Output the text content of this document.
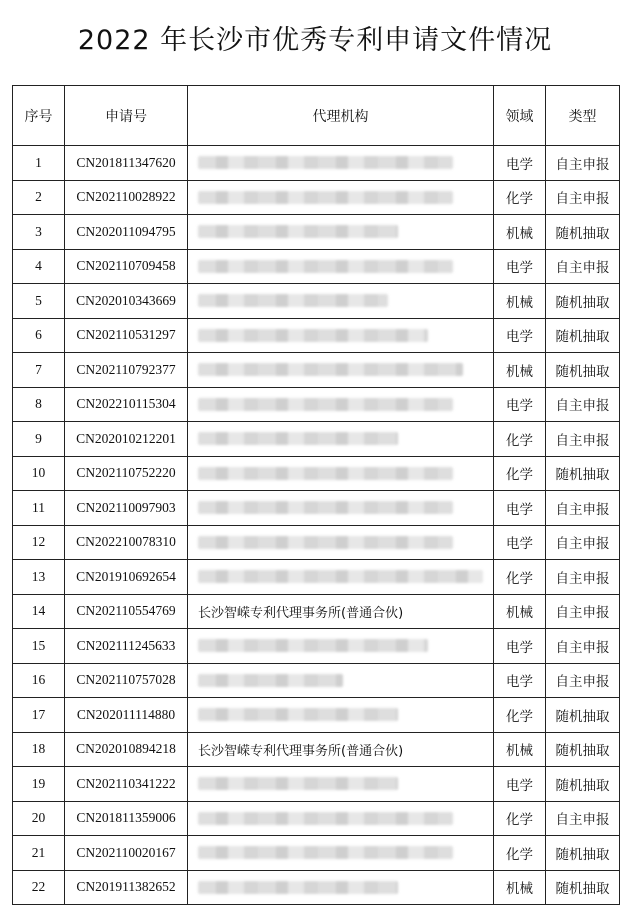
2022 年长沙市优秀专利申请文件情况
序号	申请号	代理机构	领域	类型
1	CN201811347620		电学	自主申报
2	CN202110028922		化学	自主申报
3	CN202011094795		机械	随机抽取
4	CN202110709458		电学	自主申报
5	CN202010343669		机械	随机抽取
6	CN202110531297		电学	随机抽取
7	CN202110792377		机械	随机抽取
8	CN202210115304		电学	自主申报
9	CN202010212201		化学	自主申报
10	CN202110752220		化学	随机抽取
11	CN202110097903		电学	自主申报
12	CN202210078310		电学	自主申报
13	CN201910692654		化学	自主申报
14	CN202110554769	长沙智嵘专利代理事务所(普通合伙)	机械	自主申报
15	CN202111245633		电学	自主申报
16	CN202110757028		电学	自主申报
17	CN202011114880		化学	随机抽取
18	CN202010894218	长沙智嵘专利代理事务所(普通合伙)	机械	随机抽取
19	CN202110341222		电学	随机抽取
20	CN201811359006		化学	自主申报
21	CN202110020167		化学	随机抽取
22	CN201911382652		机械	随机抽取
